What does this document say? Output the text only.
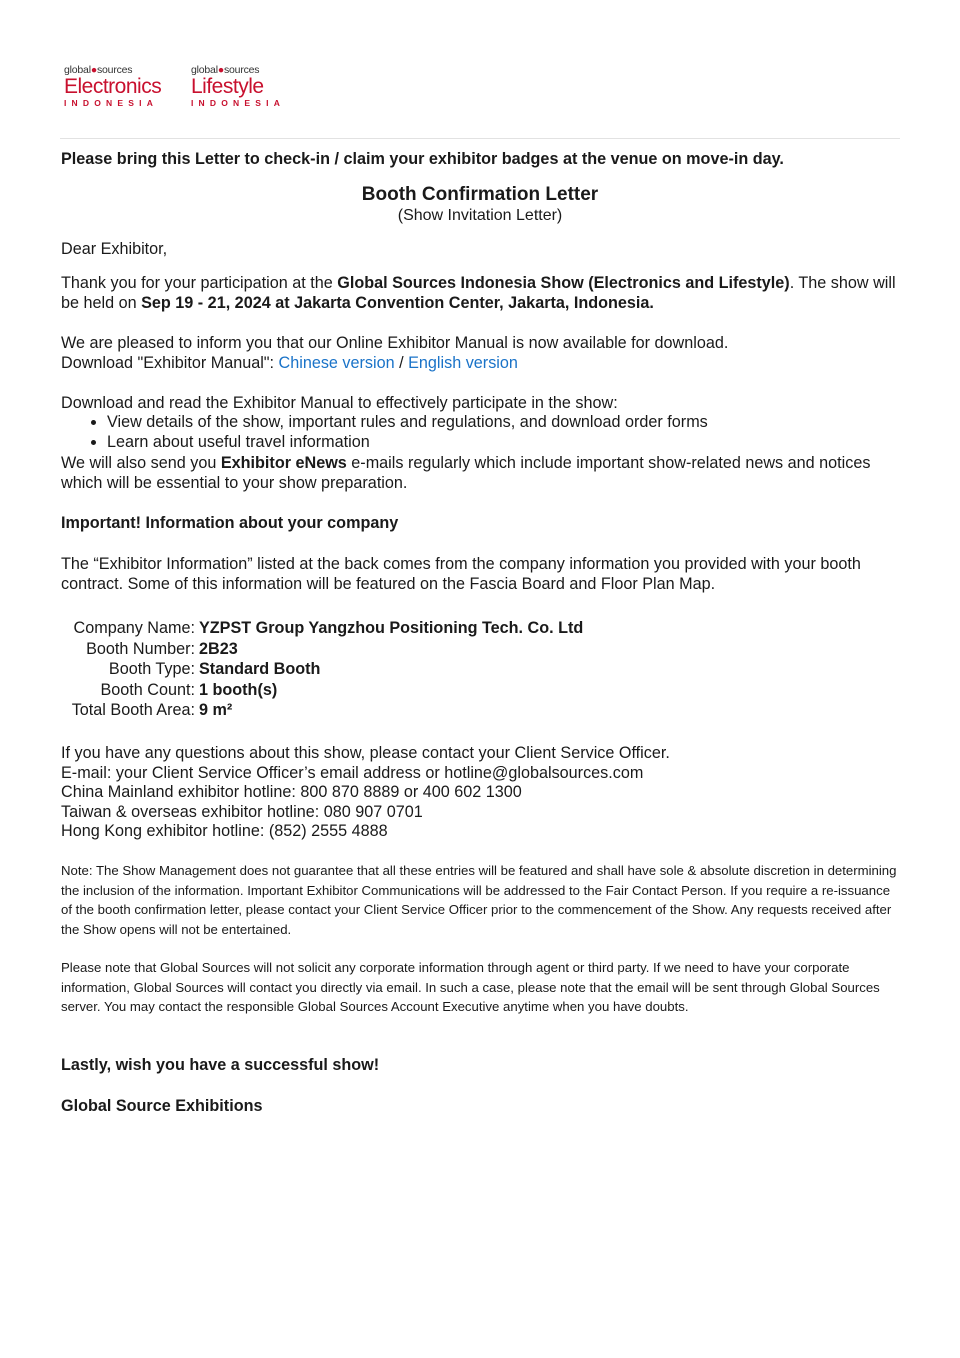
global●sources
Electronics
INDONESIA
global●sources
Lifestyle
INDONESIA

Please bring this Letter to check-in / claim your exhibitor badges at the venue on move-in day.

Booth Confirmation Letter

(Show Invitation Letter)

Dear Exhibitor,

Thank you for your participation at the Global Sources Indonesia Show (Electronics and Lifestyle). The show will be held on Sep 19 - 21, 2024 at Jakarta Convention Center, Jakarta, Indonesia.

We are pleased to inform you that our Online Exhibitor Manual is now available for download.
Download "Exhibitor Manual": Chinese version / English version

Download and read the Exhibitor Manual to effectively participate in the show:

• View details of the show, important rules and regulations, and download order forms
• Learn about useful travel information

We will also send you Exhibitor eNews e-mails regularly which include important show-related news and notices which will be essential to your show preparation.

Important! Information about your company

The “Exhibitor Information” listed at the back comes from the company information you provided with your booth contract. Some of this information will be featured on the Fascia Board and Floor Plan Map.

Company Name: YZPST Group Yangzhou Positioning Tech. Co. Ltd
Booth Number: 2B23
Booth Type: Standard Booth
Booth Count: 1 booth(s)
Total Booth Area: 9 m²
If you have any questions about this show, please contact your Client Service Officer.
E-mail: your Client Service Officer’s email address or hotline@globalsources.com
China Mainland exhibitor hotline: 800 870 8889 or 400 602 1300
Taiwan & overseas exhibitor hotline: 080 907 0701
Hong Kong exhibitor hotline: (852) 2555 4888

Note: The Show Management does not guarantee that all these entries will be featured and shall have sole & absolute discretion in determining the inclusion of the information. Important Exhibitor Communications will be addressed to the Fair Contact Person. If you require a re-issuance of the booth confirmation letter, please contact your Client Service Officer prior to the commencement of the Show. Any requests received after the Show opens will not be entertained.

Please note that Global Sources will not solicit any corporate information through agent or third party. If we need to have your corporate information, Global Sources will contact you directly via email. In such a case, please note that the email will be sent through Global Sources server. You may contact the responsible Global Sources Account Executive anytime when you have doubts.

Lastly, wish you have a successful show!

Global Source Exhibitions
